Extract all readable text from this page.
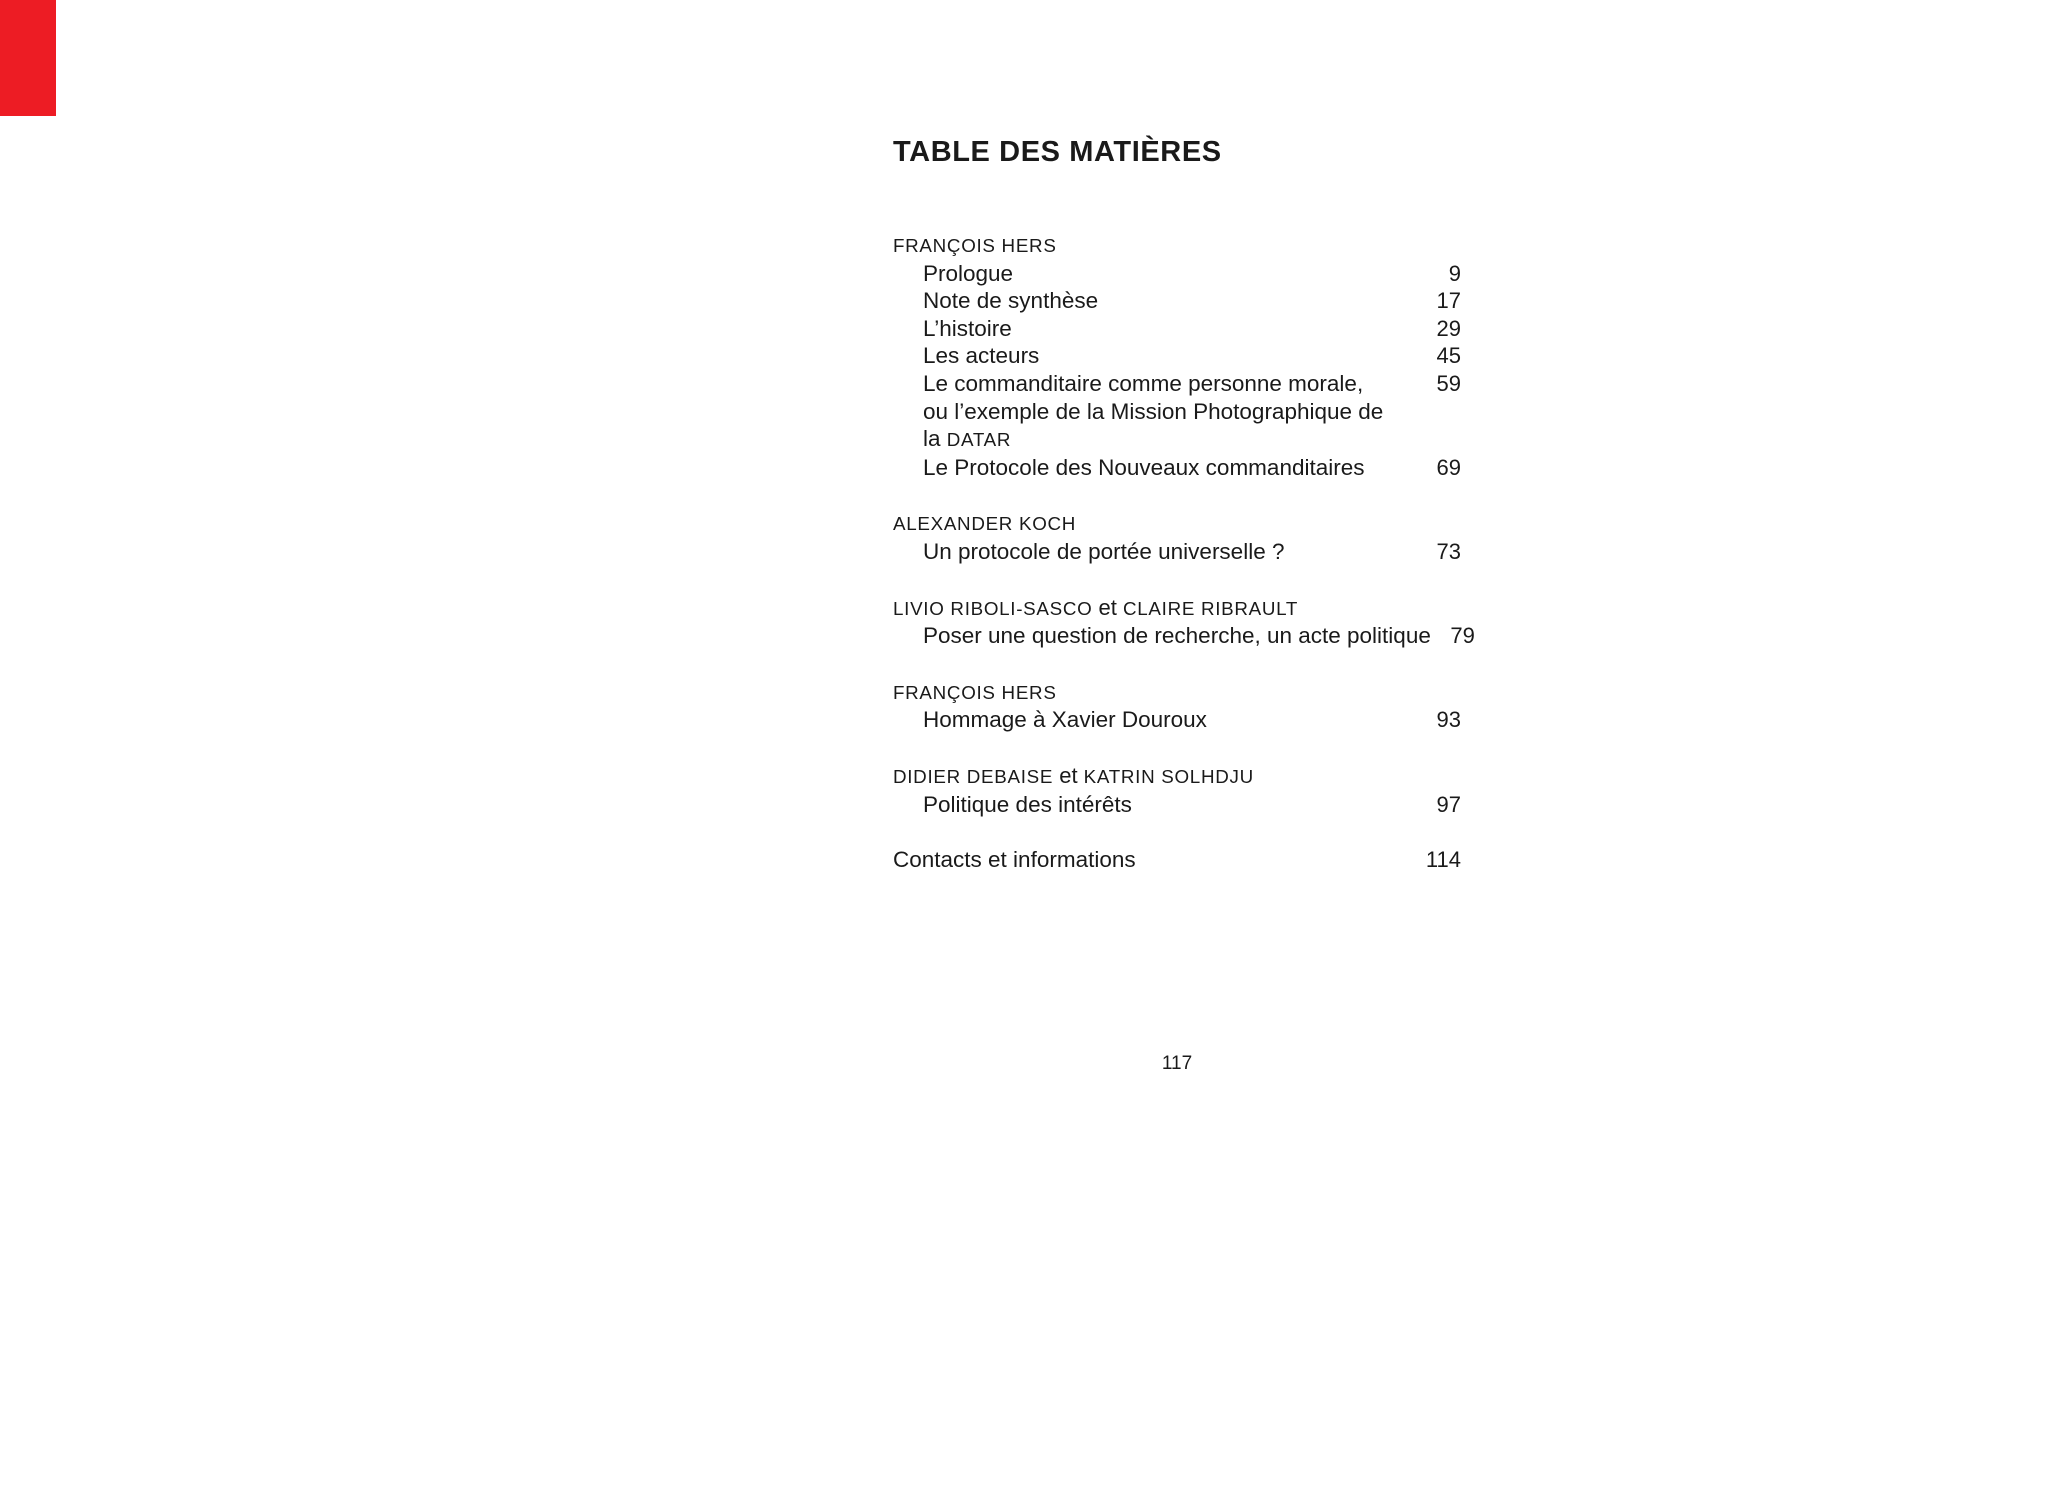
TABLE DES MATIÈRES
FRANÇOIS HERS
Prologue	9
Note de synthèse	17
L’histoire	29
Les acteurs	45
Le commanditaire comme personne morale,	59
ou l’exemple de la Mission Photographique de
la DATAR
Le Protocole des Nouveaux commanditaires	69
ALEXANDER KOCH
Un protocole de portée universelle ?	73
LIVIO RIBOLI-SASCO et CLAIRE RIBRAULT
Poser une question de recherche, un acte politique 79
FRANÇOIS HERS
Hommage à Xavier Douroux	93
DIDIER DEBAISE et KATRIN SOLHDJU
Politique des intérêts	97
Contacts et informations	114
117
